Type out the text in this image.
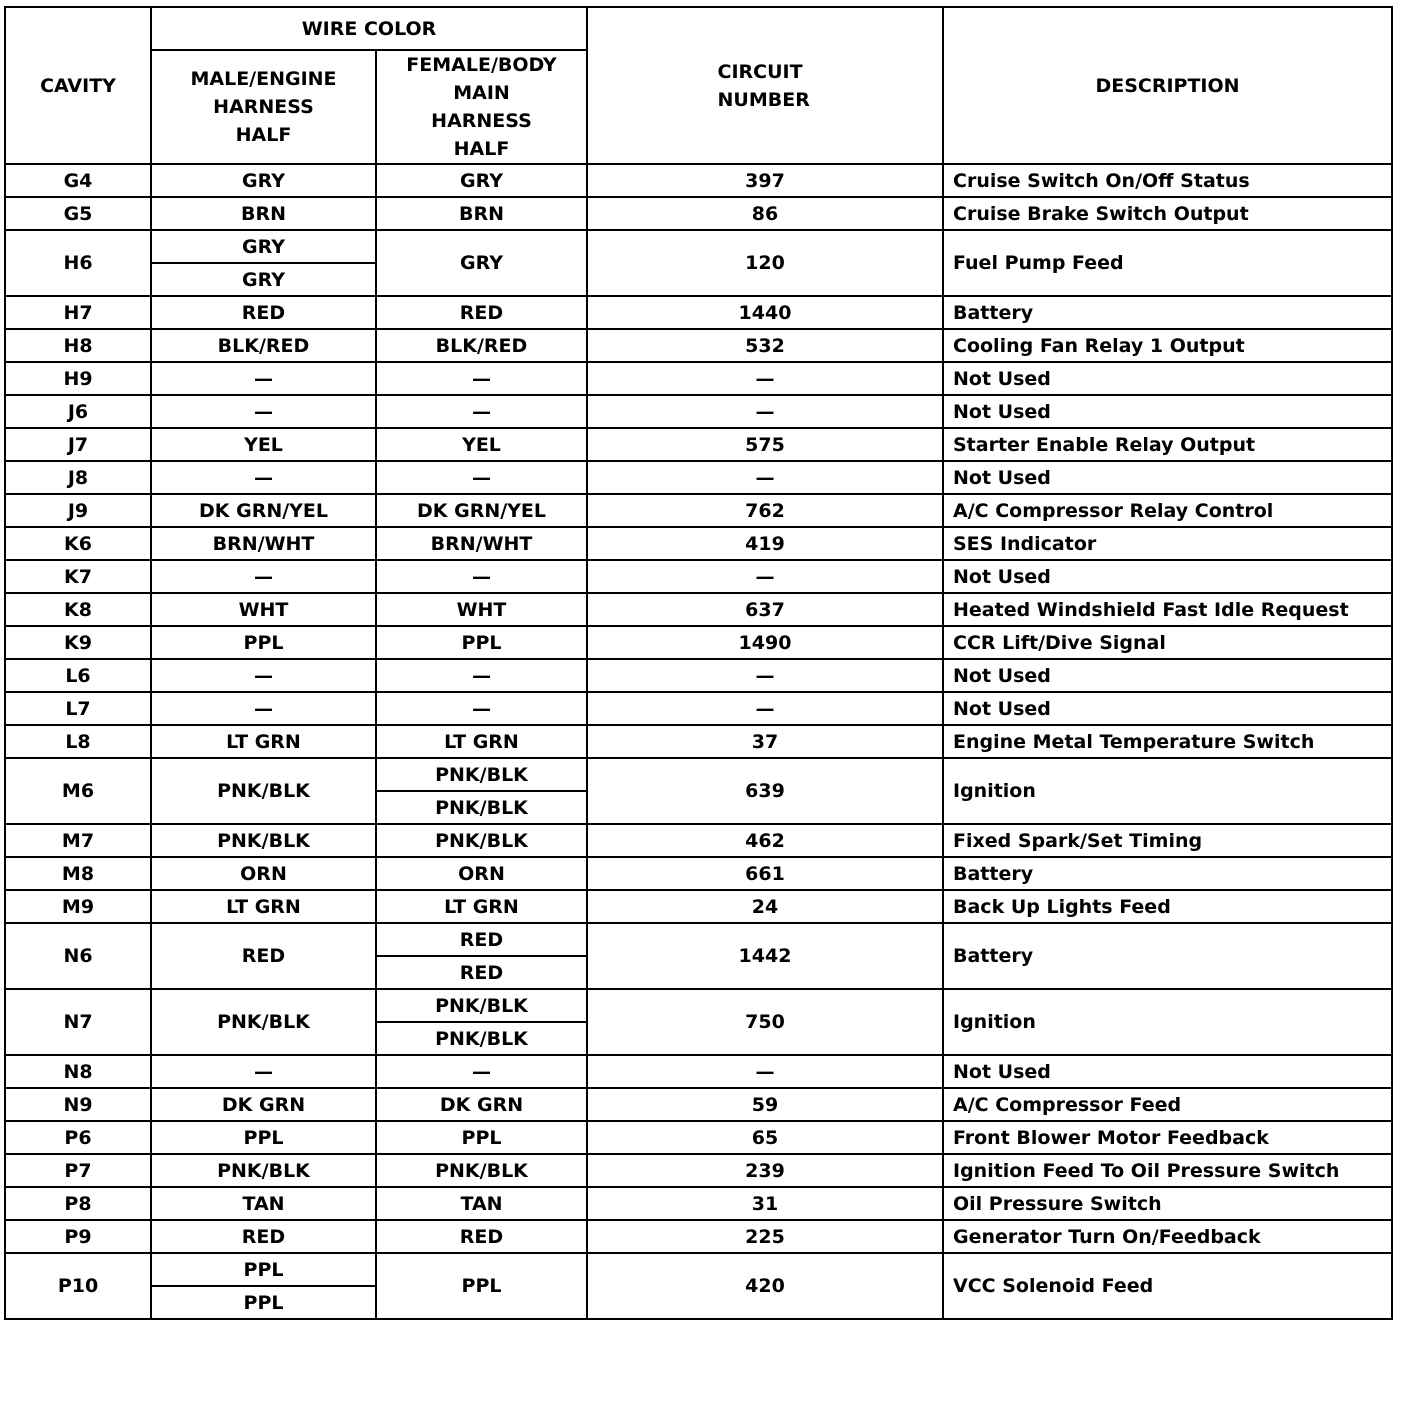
CAVITY	WIRE COLOR		CIRCUIT NUMBER	DESCRIPTION
	MALE/ENGINE HARNESS HALF	FEMALE/BODY MAIN HARNESS HALF		
G4	GRY	GRY	397	Cruise Switch On/Off Status
G5	BRN	BRN	86	Cruise Brake Switch Output
H6	GRY	GRY	120	Fuel Pump Feed
	GRY			
H7	RED	RED	1440	Battery
H8	BLK/RED	BLK/RED	532	Cooling Fan Relay 1 Output
H9	—	—	—	Not Used
J6	—	—	—	Not Used
J7	YEL	YEL	575	Starter Enable Relay Output
J8	—	—	—	Not Used
J9	DK GRN/YEL	DK GRN/YEL	762	A/C Compressor Relay Control
K6	BRN/WHT	BRN/WHT	419	SES Indicator
K7	—	—	—	Not Used
K8	WHT	WHT	637	Heated Windshield Fast Idle Request
K9	PPL	PPL	1490	CCR Lift/Dive Signal
L6	—	—	—	Not Used
L7	—	—	—	Not Used
L8	LT GRN	LT GRN	37	Engine Metal Temperature Switch
M6	PNK/BLK	PNK/BLK	639	Ignition
		PNK/BLK		
M7	PNK/BLK	PNK/BLK	462	Fixed Spark/Set Timing
M8	ORN	ORN	661	Battery
M9	LT GRN	LT GRN	24	Back Up Lights Feed
N6	RED	RED	1442	Battery
		RED		
N7	PNK/BLK	PNK/BLK	750	Ignition
		PNK/BLK		
N8	—	—	—	Not Used
N9	DK GRN	DK GRN	59	A/C Compressor Feed
P6	PPL	PPL	65	Front Blower Motor Feedback
P7	PNK/BLK	PNK/BLK	239	Ignition Feed To Oil Pressure Switch
P8	TAN	TAN	31	Oil Pressure Switch
P9	RED	RED	225	Generator Turn On/Feedback
P10	PPL	PPL	420	VCC Solenoid Feed
	PPL			
